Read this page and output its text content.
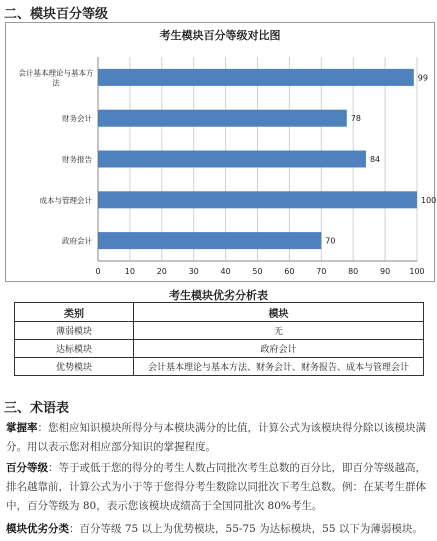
二、模块百分等级
考生模块百分等级对比图
0	10	20	30	40	50	60	70	80	90 100
99
会计基本理论与基本方
法
78
财务会计
84
财务报告
100
成本与管理会计
70
政府会计
考生模块优劣分析表
类别	模块
薄弱模块	无
达标模块	政府会计
优势模块	会计基本理论与基本方法、财务会计、财务报告、成本与管理会计
三、术语表
掌握率：您相应知识模块所得分与本模块满分的比值，计算公式为该模块得分除以该模块满分。用以表示您对相应部分知识的掌握程度。
百分等级：等于或低于您的得分的考生人数占同批次考生总数的百分比，即百分等级越高，排名越靠前，计算公式为小于等于您得分考生数除以同批次下考生总数。例：在某考生群体中，百分等级为 80，表示您该模块成绩高于全国同批次 80%考生。
模块优劣分类：百分等级 75 以上为优势模块，55-75 为达标模块，55 以下为薄弱模块。
